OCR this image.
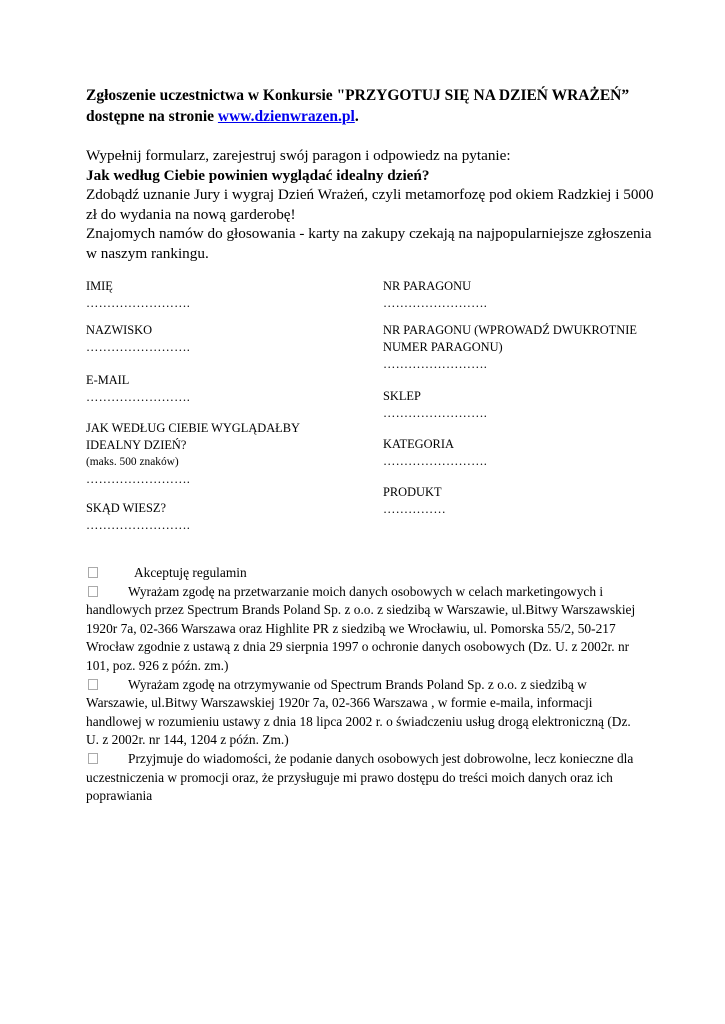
Zgłoszenie uczestnictwa w Konkursie "PRZYGOTUJ SIĘ NA DZIEŃ WRAŻEŃ”
dostępne na stronie www.dzienwrazen.pl.
Wypełnij formularz, zarejestruj swój paragon i odpowiedz na pytanie:
Jak według Ciebie powinien wyglądać idealny dzień?
Zdobądź uznanie Jury i wygraj Dzień Wrażeń, czyli metamorfozę pod okiem Radzkiej i 5000
zł do wydania na nową garderobę!
Znajomych namów do głosowania - karty na zakupy czekają na najpopularniejsze zgłoszenia
w naszym rankingu.
IMIĘ
…………………….
NAZWISKO
…………………….
E-MAIL
…………………….
JAK WEDŁUG CIEBIE WYGLĄDAŁBY
IDEALNY DZIEŃ?
(maks. 500 znaków)
…………………….
SKĄD WIESZ?
…………………….
NR PARAGONU
…………………….
NR PARAGONU (WPROWADŹ DWUKROTNIE
NUMER PARAGONU)
…………………….
SKLEP
…………………….
KATEGORIA
…………………….
PRODUKT
……………
Akceptuję regulamin
Wyrażam zgodę na przetwarzanie moich danych osobowych w celach marketingowych i
handlowych przez Spectrum Brands Poland Sp. z o.o. z siedzibą w Warszawie, ul.Bitwy Warszawskiej
1920r 7a, 02-366 Warszawa oraz Highlite PR z siedzibą we Wrocławiu, ul. Pomorska 55/2, 50-217
Wrocław zgodnie z ustawą z dnia 29 sierpnia 1997 o ochronie danych osobowych (Dz. U. z 2002r. nr
101, poz. 926 z późn. zm.)
Wyrażam zgodę na otrzymywanie od Spectrum Brands Poland Sp. z o.o. z siedzibą w
Warszawie, ul.Bitwy Warszawskiej 1920r 7a, 02-366 Warszawa , w formie e-maila, informacji
handlowej w rozumieniu ustawy z dnia 18 lipca 2002 r. o świadczeniu usług drogą elektroniczną (Dz.
U. z 2002r. nr 144, 1204 z późn. Zm.)
Przyjmuje do wiadomości, że podanie danych osobowych jest dobrowolne, lecz konieczne dla
uczestniczenia w promocji oraz, że przysługuje mi prawo dostępu do treści moich danych oraz ich
poprawiania
